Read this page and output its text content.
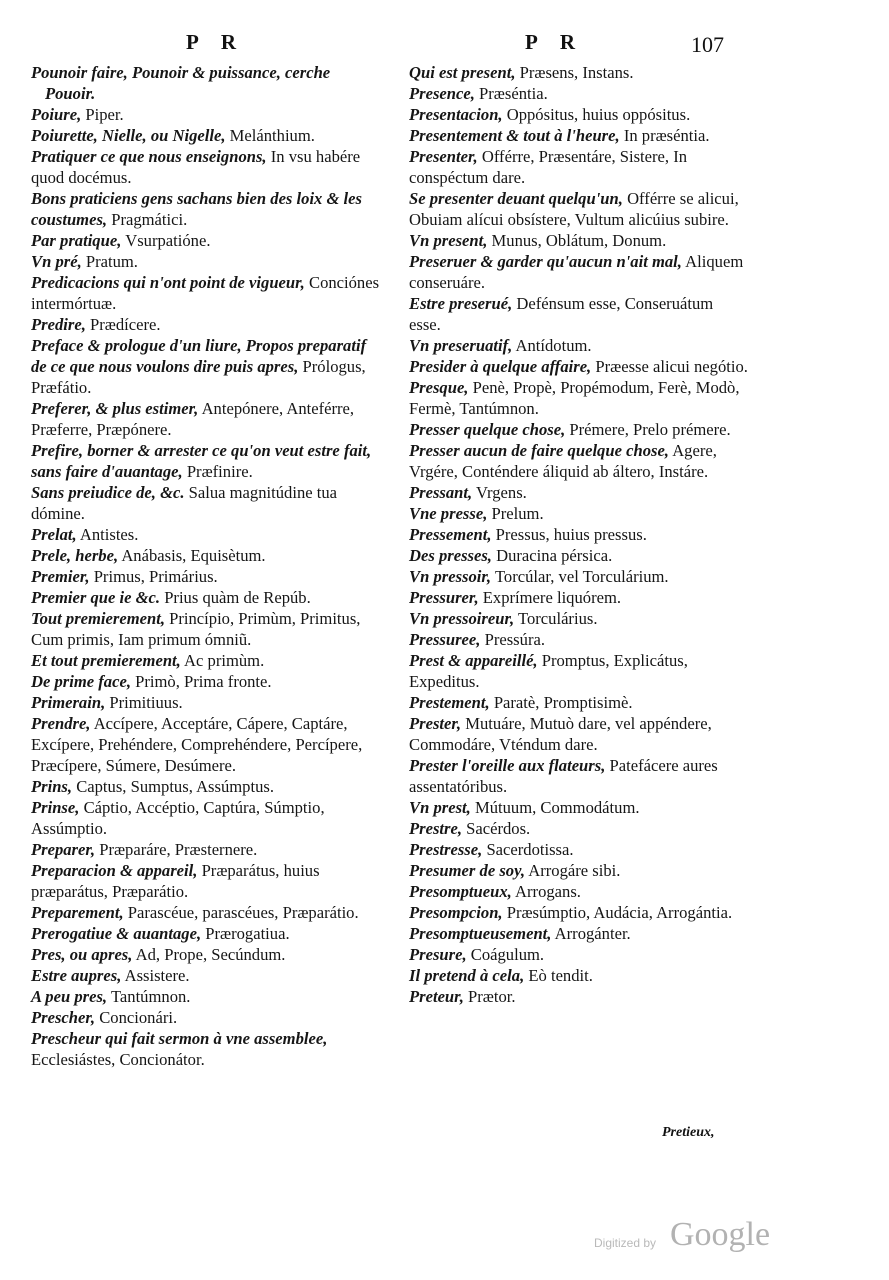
P R	P R	107
Pounoir faire, Pounoir & puissance, cerche
Pouoir.
Poiure, Piper.
Poiurette, Nielle, ou Nigelle, Melánthium.
Pratiquer ce que nous enseignons, In vsu habére quod docémus.
Bons praticiens gens sachans bien des loix & les coustumes, Pragmátici.
Par pratique, Vsurpatióne.
Vn pré, Pratum.
Predicacions qui n'ont point de vigueur, Conciónes intermórtuæ.
Predire, Prædícere.
Preface & prologue d'un liure, Propos preparatif de ce que nous voulons dire puis apres, Prólogus, Præfátio.
Preferer, & plus estimer, Antepónere, Anteférre, Præferre, Præpónere.
Prefire, borner & arrester ce qu'on veut estre fait, sans faire d'auantage, Præfinire.
Sans preiudice de, &c. Salua magnitúdine tua dómine.
Prelat, Antistes.
Prele, herbe, Anábasis, Equisètum.
Premier, Primus, Primárius.
Premier que ie &c. Prius quàm de Repúb.
Tout premierement, Princípio, Primùm, Primitus, Cum primis, Iam primum ómniũ.
Et tout premierement, Ac primùm.
De prime face, Primò, Prima fronte.
Primerain, Primitiuus.
Prendre, Accípere, Acceptáre, Cápere, Captáre, Excípere, Prehéndere, Comprehéndere, Percípere, Præcípere, Súmere, Desúmere.
Prins, Captus, Sumptus, Assúmptus.
Prinse, Cáptio, Accéptio, Captúra, Súmptio, Assúmptio.
Preparer, Præparáre, Præsternere.
Preparacion & appareil, Præparátus, huius præparátus, Præparátio.
Preparement, Parascéue, parascéues, Præparátio.
Prerogatiue & auantage, Prærogatiua.
Pres, ou apres, Ad, Prope, Secúndum.
Estre aupres, Assistere.
A peu pres, Tantúmnon.
Prescher, Concionári.
Prescheur qui fait sermon à vne assemblee, Ecclesiástes, Concionátor.
Qui est present, Præsens, Instans.
Presence, Præséntia.
Presentacion, Oppósitus, huius oppósitus.
Presentement & tout à l'heure, In præséntia.
Presenter, Offérre, Præsentáre, Sistere, In conspéctum dare.
Se presenter deuant quelqu'un, Offérre se alicui, Obuiam alícui obsístere, Vultum alicúius subire.
Vn present, Munus, Oblátum, Donum.
Preseruer & garder qu'aucun n'ait mal, Aliquem conseruáre.
Estre preserué, Defénsum esse, Conseruátum esse.
Vn preseruatif, Antídotum.
Presider à quelque affaire, Præesse alicui negótio.
Presque, Penè, Propè, Propémodum, Ferè, Modò, Fermè, Tantúmnon.
Presser quelque chose, Prémere, Prelo prémere.
Presser aucun de faire quelque chose, Agere, Vrgére, Conténdere áliquid ab áltero, Instáre.
Pressant, Vrgens.
Vne presse, Prelum.
Pressement, Pressus, huius pressus.
Des presses, Duracina pérsica.
Vn pressoir, Torcúlar, vel Torculárium.
Pressurer, Exprímere liquórem.
Vn pressoireur, Torculárius.
Pressuree, Pressúra.
Prest & appareillé, Promptus, Explicátus, Expeditus.
Prestement, Paratè, Promptisimè.
Prester, Mutuáre, Mutuò dare, vel appéndere, Commodáre, Vténdum dare.
Prester l'oreille aux flateurs, Patefácere aures assentatóribus.
Vn prest, Mútuum, Commodátum.
Prestre, Sacérdos.
Prestresse, Sacerdotissa.
Presumer de soy, Arrogáre sibi.
Presomptueux, Arrogans.
Presompcion, Præsúmptio, Audácia, Arrogántia.
Presomptueusement, Arrogánter.
Presure, Coágulum.
Il pretend à cela, Eò tendit.
Preteur, Prætor.
Pretieux,
Digitized by Google
